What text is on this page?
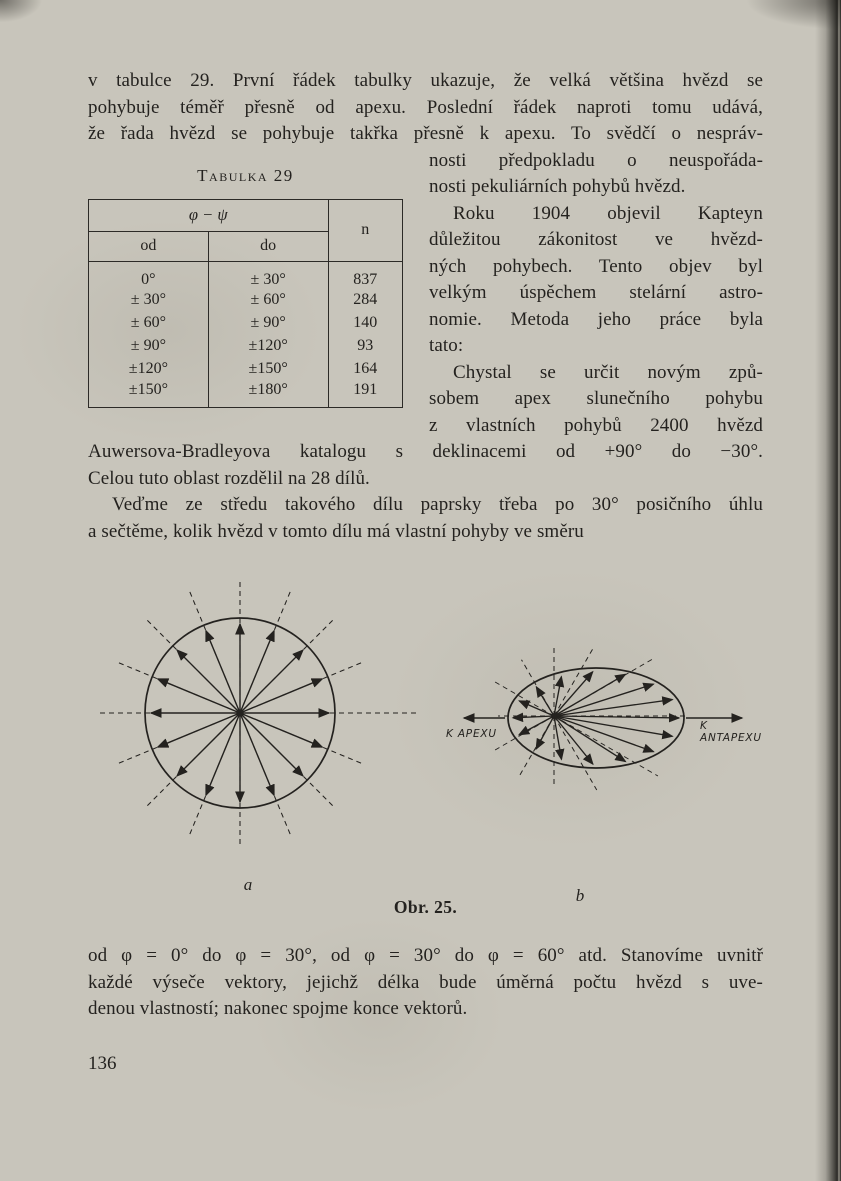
v tabulce 29. První řádek tabulky ukazuje, že velká většina hvězd se
pohybuje téměř přesně od apexu. Poslední řádek naproti tomu udává,
že řada hvězd se pohybuje takřka přesně k apexu. To svědčí o nespráv-
Tabulka 29
φ − ψ		n
od	do	
0°	± 30°	837
± 30°	± 60°	284
± 60°	± 90°	140
± 90°	±120°	93
±120°	±150°	164
±150°	±180°	191
nosti předpokladu o neuspořáda-
nosti pekuliárních pohybů hvězd.
Roku 1904 objevil Kapteyn
důležitou zákonitost ve hvězd-
ných pohybech. Tento objev byl
velkým úspěchem stelární astro-
nomie. Metoda jeho práce byla
tato:
Chystal se určit novým způ-
sobem apex slunečního pohybu
z vlastních pohybů 2400 hvězd
Auwersova-Bradleyova katalogu s deklinacemi od +90° do −30°.
Celou tuto oblast rozdělil na 28 dílů.
Veďme ze středu takového dílu paprsky třeba po 30° posičního úhlu
a sečtěme, kolik hvězd v tomto dílu má vlastní pohyby ve směru
K APEXU
K ANTAPEXU
a
b
Obr. 25.
od φ = 0° do φ = 30°, od φ = 30° do φ = 60° atd. Stanovíme uvnitř
každé výseče vektory, jejichž délka bude úměrná počtu hvězd s uve-
denou vlastností; nakonec spojme konce vektorů.
136
